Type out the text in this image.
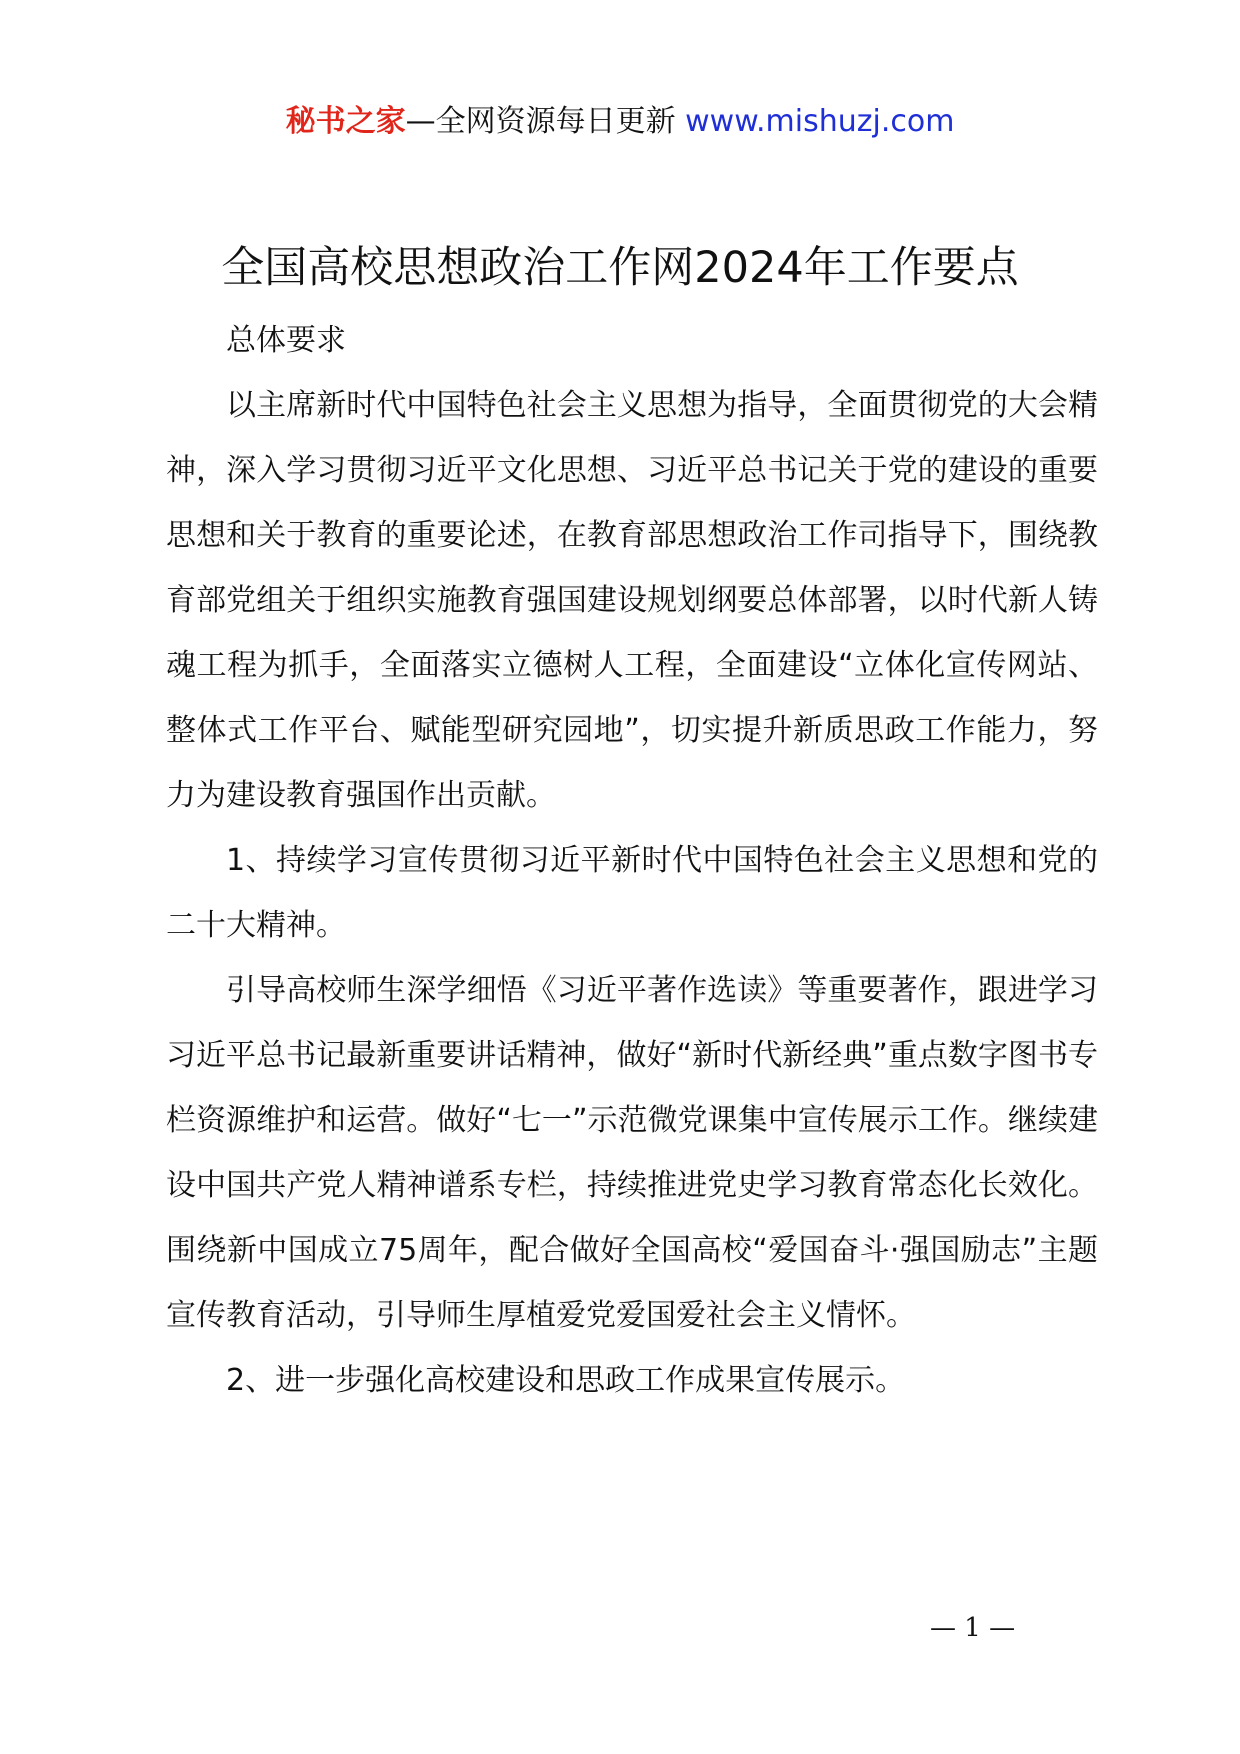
秘书之家—全网资源每日更新 www.mishuzj.com
全国高校思想政治工作网2024年工作要点

总体要求

以主席新时代中国特色社会主义思想为指导，全面贯彻党的大会精神，深入学习贯彻习近平文化思想、习近平总书记关于党的建设的重要思想和关于教育的重要论述，在教育部思想政治工作司指导下，围绕教育部党组关于组织实施教育强国建设规划纲要总体部署，以时代新人铸魂工程为抓手，全面落实立德树人工程，全面建设“立体化宣传网站、整体式工作平台、赋能型研究园地”，切实提升新质思政工作能力，努力为建设教育强国作出贡献。

1、持续学习宣传贯彻习近平新时代中国特色社会主义思想和党的二十大精神。

引导高校师生深学细悟《习近平著作选读》等重要著作，跟进学习习近平总书记最新重要讲话精神，做好“新时代新经典”重点数字图书专栏资源维护和运营。做好“七一”示范微党课集中宣传展示工作。继续建设中国共产党人精神谱系专栏，持续推进党史学习教育常态化长效化。围绕新中国成立75周年，配合做好全国高校“爱国奋斗·强国励志”主题宣传教育活动，引导师生厚植爱党爱国爱社会主义情怀。

2、进一步强化高校建设和思政工作成果宣传展示。

— 1 —
